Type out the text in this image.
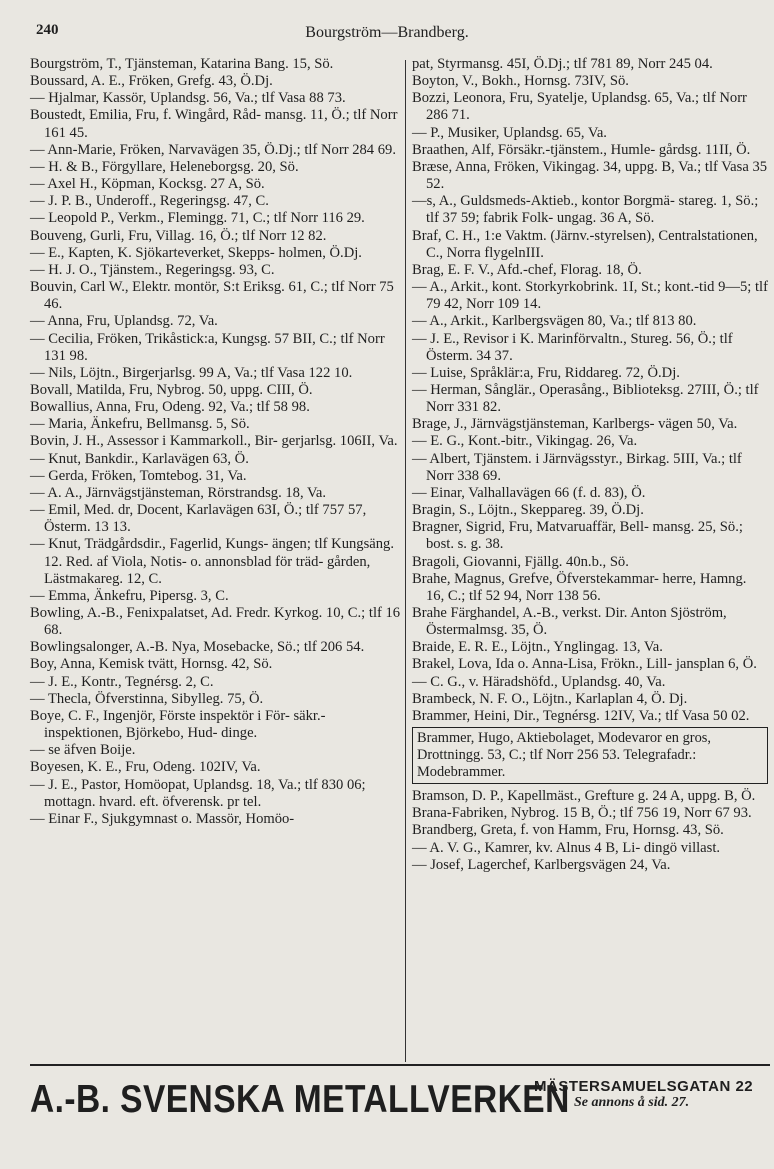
240	Bourgström—Brandberg.
Bourgström, T., Tjänsteman, Katarina Bang. 15, Sö.
Boussard, A. E., Fröken, Grefg. 43, Ö.Dj.
— Hjalmar, Kassör, Uplandsg. 56, Va.; tlf Vasa 88 73.
Boustedt, Emilia, Fru, f. Wingård, Råd- mansg. 11, Ö.; tlf Norr 161 45.
— Ann-Marie, Fröken, Narvavägen 35, Ö.Dj.; tlf Norr 284 69.
— H. & B., Förgyllare, Heleneborgsg. 20, Sö.
— Axel H., Köpman, Kocksg. 27 A, Sö.
— J. P. B., Underoff., Regeringsg. 47, C.
— Leopold P., Verkm., Flemingg. 71, C.; tlf Norr 116 29.
Bouveng, Gurli, Fru, Villag. 16, Ö.; tlf Norr 12 82.
— E., Kapten, K. Sjökarteverket, Skepps- holmen, Ö.Dj.
— H. J. O., Tjänstem., Regeringsg. 93, C.
Bouvin, Carl W., Elektr. montör, S:t Eriksg. 61, C.; tlf Norr 75 46.
— Anna, Fru, Uplandsg. 72, Va.
— Cecilia, Fröken, Trikåstick:a, Kungsg. 57 BII, C.; tlf Norr 131 98.
— Nils, Löjtn., Birgerjarlsg. 99 A, Va.; tlf Vasa 122 10.
Bovall, Matilda, Fru, Nybrog. 50, uppg. CIII, Ö.
Bowallius, Anna, Fru, Odeng. 92, Va.; tlf 58 98.
— Maria, Änkefru, Bellmansg. 5, Sö.
Bovin, J. H., Assessor i Kammarkoll., Bir- gerjarlsg. 106II, Va.
— Knut, Bankdir., Karlavägen 63, Ö.
— Gerda, Fröken, Tomtebog. 31, Va.
— A. A., Järnvägstjänsteman, Rörstrandsg. 18, Va.
— Emil, Med. dr, Docent, Karlavägen 63I, Ö.; tlf 757 57, Österm. 13 13.
— Knut, Trädgårdsdir., Fagerlid, Kungs- ängen; tlf Kungsäng. 12. Red. af Viola, Notis- o. annonsblad för träd- gården, Lästmakareg. 12, C.
— Emma, Änkefru, Pipersg. 3, C.
Bowling, A.-B., Fenixpalatset, Ad. Fredr. Kyrkog. 10, C.; tlf 16 68.
Bowlingsalonger, A.-B. Nya, Mosebacke, Sö.; tlf 206 54.
Boy, Anna, Kemisk tvätt, Hornsg. 42, Sö.
— J. E., Kontr., Tegnérsg. 2, C.
— Thecla, Öfverstinna, Sibylleg. 75, Ö.
Boye, C. F., Ingenjör, Förste inspektör i För- säkr.-inspektionen, Björkebo, Hud- dinge.
— se äfven Boije.
Boyesen, K. E., Fru, Odeng. 102IV, Va.
— J. E., Pastor, Homöopat, Uplandsg. 18, Va.; tlf 830 06; mottagn. hvard. eft. öfverensk. pr tel.
— Einar F., Sjukgymnast o. Massör, Homöo-
pat, Styrmansg. 45I, Ö.Dj.; tlf 781 89, Norr 245 04.
Boyton, V., Bokh., Hornsg. 73IV, Sö.
Bozzi, Leonora, Fru, Syatelje, Uplandsg. 65, Va.; tlf Norr 286 71.
— P., Musiker, Uplandsg. 65, Va.
Braathen, Alf, Försäkr.-tjänstem., Humle- gårdsg. 11II, Ö.
Bræse, Anna, Fröken, Vikingag. 34, uppg. B, Va.; tlf Vasa 35 52.
—s, A., Guldsmeds-Aktieb., kontor Borgmä- stareg. 1, Sö.; tlf 37 59; fabrik Folk- ungag. 36 A, Sö.
Braf, C. H., 1:e Vaktm. (Järnv.-styrelsen), Centralstationen, C., Norra flygelnIII.
Brag, E. F. V., Afd.-chef, Florag. 18, Ö.
— A., Arkit., kont. Storkyrkobrink. 1I, St.; kont.-tid 9—5; tlf 79 42, Norr 109 14.
— A., Arkit., Karlbergsvägen 80, Va.; tlf 813 80.
— J. E., Revisor i K. Marinförvaltn., Stureg. 56, Ö.; tlf Österm. 34 37.
— Luise, Språklär:a, Fru, Riddareg. 72, Ö.Dj.
— Herman, Sånglär., Operasång., Biblioteksg. 27III, Ö.; tlf Norr 331 82.
Brage, J., Järnvägstjänsteman, Karlbergs- vägen 50, Va.
— E. G., Kont.-bitr., Vikingag. 26, Va.
— Albert, Tjänstem. i Järnvägsstyr., Birkag. 5III, Va.; tlf Norr 338 69.
— Einar, Valhallavägen 66 (f. d. 83), Ö.
Bragin, S., Löjtn., Skeppareg. 39, Ö.Dj.
Bragner, Sigrid, Fru, Matvaruaffär, Bell- mansg. 25, Sö.; bost. s. g. 38.
Bragoli, Giovanni, Fjällg. 40n.b., Sö.
Brahe, Magnus, Grefve, Öfverstekammar- herre, Hamng. 16, C.; tlf 52 94, Norr 138 56.
Brahe Färghandel, A.-B., verkst. Dir. Anton Sjöström, Östermalmsg. 35, Ö.
Braide, E. R. E., Löjtn., Ynglingag. 13, Va.
Brakel, Lova, Ida o. Anna-Lisa, Frökn., Lill- jansplan 6, Ö.
— C. G., v. Häradshöfd., Uplandsg. 40, Va.
Brambeck, N. F. O., Löjtn., Karlaplan 4, Ö. Dj.
Brammer, Heini, Dir., Tegnérsg. 12IV, Va.; tlf Vasa 50 02.
Brammer, Hugo, Aktiebolaget, Modevaror en gros, Drottningg. 53, C.; tlf Norr 256 53. Telegrafadr.: Modebrammer.
Bramson, D. P., Kapellmäst., Grefture g. 24 A, uppg. B, Ö.
Brana-Fabriken, Nybrog. 15 B, Ö.; tlf 756 19, Norr 67 93.
Brandberg, Greta, f. von Hamm, Fru, Hornsg. 43, Sö.
— A. V. G., Kamrer, kv. Alnus 4 B, Li- dingö villast.
— Josef, Lagerchef, Karlbergsvägen 24, Va.
A.-B. SVENSKA METALLVERKEN
MÄSTERSAMUELSGATAN 22
Se annons å sid. 27.
